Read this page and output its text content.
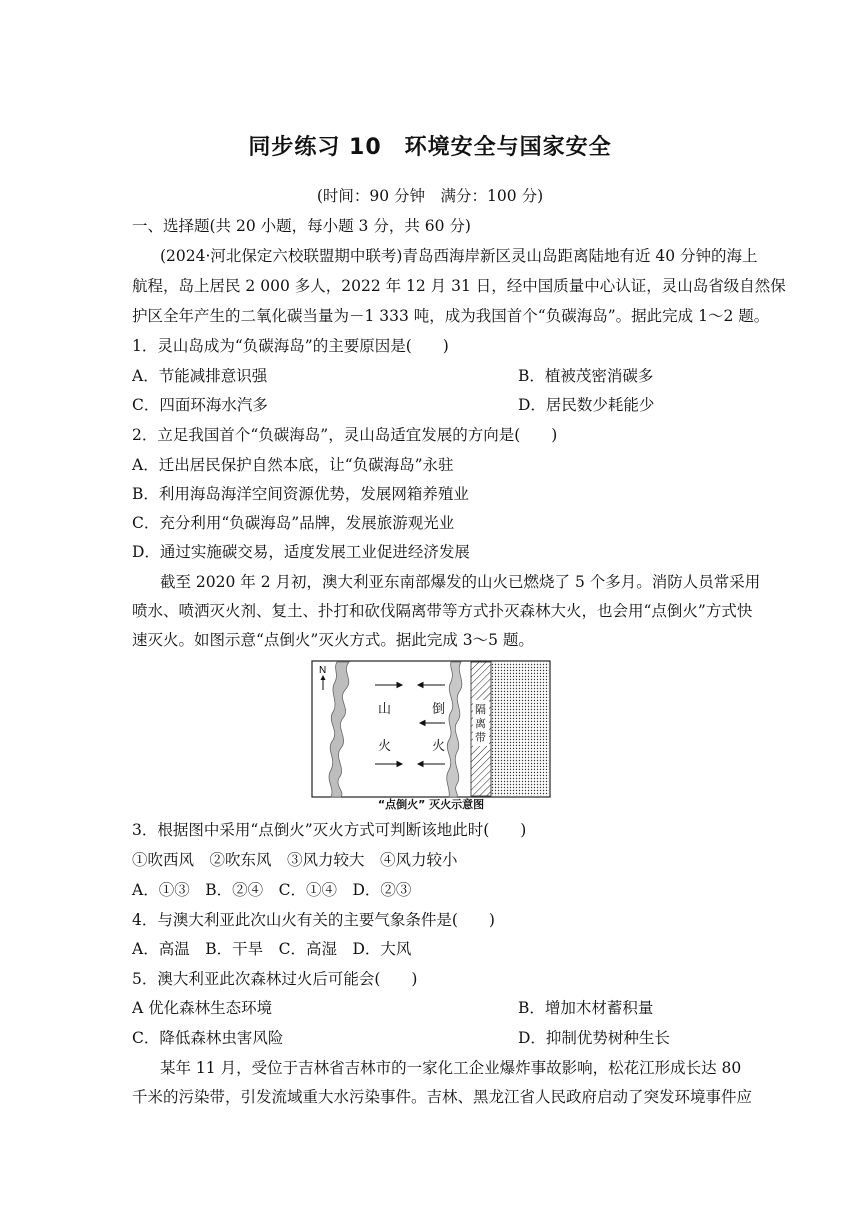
同步练习 10　环境安全与国家安全
(时间：90 分钟　满分：100 分)
一、选择题(共 20 小题，每小题 3 分，共 60 分)
(2024·河北保定六校联盟期中联考)青岛西海岸新区灵山岛距离陆地有近 40 分钟的海上
航程，岛上居民 2 000 多人，2022 年 12 月 31 日，经中国质量中心认证，灵山岛省级自然保
护区全年产生的二氧化碳当量为－1 333 吨，成为我国首个“负碳海岛”。据此完成 1～2 题。
1．灵山岛成为“负碳海岛”的主要原因是(　　)
A．节能减排意识强	B．植被茂密消碳多
C．四面环海水汽多	D．居民数少耗能少
2．立足我国首个“负碳海岛”，灵山岛适宜发展的方向是(　　)
A．迁出居民保护自然本底，让“负碳海岛”永驻
B．利用海岛海洋空间资源优势，发展网箱养殖业
C．充分利用“负碳海岛”品牌，发展旅游观光业
D．通过实施碳交易，适度发展工业促进经济发展
截至 2020 年 2 月初，澳大利亚东南部爆发的山火已燃烧了 5 个多月。消防人员常采用
喷水、喷洒灭火剂、复土、扑打和砍伐隔离带等方式扑灭森林大火，也会用“点倒火”方式快
速灭火。如图示意“点倒火”灭火方式。据此完成 3～5 题。
N
山
火
倒
火
隔
离
带
“点倒火” 灭火示意图
3．根据图中采用“点倒火”灭火方式可判断该地此时(　　)
①吹西风　②吹东风　③风力较大　④风力较小
A．①③　B．②④　C．①④　D．②③
4．与澳大利亚此次山火有关的主要气象条件是(　　)
A．高温　B．干旱　C．高湿　D．大风
5．澳大利亚此次森林过火后可能会(　　)
A 优化森林生态环境	B．增加木材蓄积量
C．降低森林虫害风险	D．抑制优势树种生长
某年 11 月，受位于吉林省吉林市的一家化工企业爆炸事故影响，松花江形成长达 80
千米的污染带，引发流域重大水污染事件。吉林、黑龙江省人民政府启动了突发环境事件应
